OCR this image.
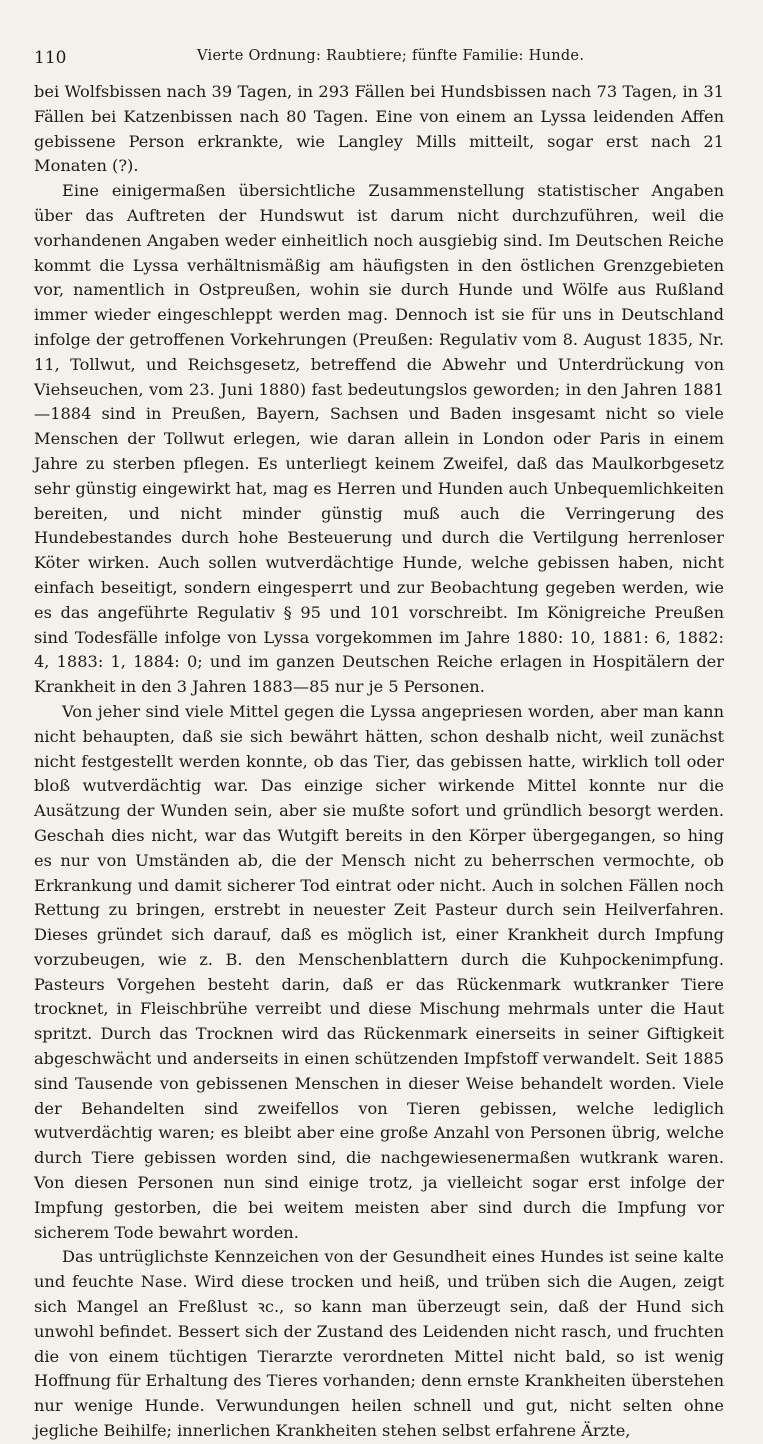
110	Vierte Ordnung: Raubtiere; fünfte Familie: Hunde.

bei Wolfsbissen nach 39 Tagen, in 293 Fällen bei Hundsbissen nach 73 Tagen, in 31 Fällen bei Katzenbissen nach 80 Tagen. Eine von einem an Lyssa leidenden Affen gebissene Person erkrankte, wie Langley Mills mitteilt, sogar erst nach 21 Monaten (?).

Eine einigermaßen übersichtliche Zusammenstellung statistischer Angaben über das Auftreten der Hundswut ist darum nicht durchzuführen, weil die vorhandenen Angaben weder einheitlich noch ausgiebig sind. Im Deutschen Reiche kommt die Lyssa verhältnismäßig am häufigsten in den östlichen Grenzgebieten vor, namentlich in Ostpreußen, wohin sie durch Hunde und Wölfe aus Rußland immer wieder eingeschleppt werden mag. Dennoch ist sie für uns in Deutschland infolge der getroffenen Vorkehrungen (Preußen: Regulativ vom 8. August 1835, Nr. 11, Tollwut, und Reichsgesetz, betreffend die Abwehr und Unterdrückung von Viehseuchen, vom 23. Juni 1880) fast bedeutungslos geworden; in den Jahren 1881—1884 sind in Preußen, Bayern, Sachsen und Baden insgesamt nicht so viele Menschen der Tollwut erlegen, wie daran allein in London oder Paris in einem Jahre zu sterben pflegen. Es unterliegt keinem Zweifel, daß das Maulkorbgesetz sehr günstig eingewirkt hat, mag es Herren und Hunden auch Unbequemlichkeiten bereiten, und nicht minder günstig muß auch die Verringerung des Hundebestandes durch hohe Besteuerung und durch die Vertilgung herrenloser Köter wirken. Auch sollen wutverdächtige Hunde, welche gebissen haben, nicht einfach beseitigt, sondern eingesperrt und zur Beobachtung gegeben werden, wie es das angeführte Regulativ § 95 und 101 vorschreibt. Im Königreiche Preußen sind Todesfälle infolge von Lyssa vorgekommen im Jahre 1880: 10, 1881: 6, 1882: 4, 1883: 1, 1884: 0; und im ganzen Deutschen Reiche erlagen in Hospitälern der Krankheit in den 3 Jahren 1883—85 nur je 5 Personen.

Von jeher sind viele Mittel gegen die Lyssa angepriesen worden, aber man kann nicht behaupten, daß sie sich bewährt hätten, schon deshalb nicht, weil zunächst nicht festgestellt werden konnte, ob das Tier, das gebissen hatte, wirklich toll oder bloß wutverdächtig war. Das einzige sicher wirkende Mittel konnte nur die Ausätzung der Wunden sein, aber sie mußte sofort und gründlich besorgt werden. Geschah dies nicht, war das Wutgift bereits in den Körper übergegangen, so hing es nur von Umständen ab, die der Mensch nicht zu beherrschen vermochte, ob Erkrankung und damit sicherer Tod eintrat oder nicht. Auch in solchen Fällen noch Rettung zu bringen, erstrebt in neuester Zeit Pasteur durch sein Heilverfahren. Dieses gründet sich darauf, daß es möglich ist, einer Krankheit durch Impfung vorzubeugen, wie z. B. den Menschenblattern durch die Kuhpockenimpfung. Pasteurs Vorgehen besteht darin, daß er das Rückenmark wutkranker Tiere trocknet, in Fleischbrühe verreibt und diese Mischung mehrmals unter die Haut spritzt. Durch das Trocknen wird das Rückenmark einerseits in seiner Giftigkeit abgeschwächt und anderseits in einen schützenden Impfstoff verwandelt. Seit 1885 sind Tausende von gebissenen Menschen in dieser Weise behandelt worden. Viele der Behandelten sind zweifellos von Tieren gebissen, welche lediglich wutverdächtig waren; es bleibt aber eine große Anzahl von Personen übrig, welche durch Tiere gebissen worden sind, die nachgewiesenermaßen wutkrank waren. Von diesen Personen nun sind einige trotz, ja vielleicht sogar erst infolge der Impfung gestorben, die bei weitem meisten aber sind durch die Impfung vor sicherem Tode bewahrt worden.

Das untrüglichste Kennzeichen von der Gesundheit eines Hundes ist seine kalte und feuchte Nase. Wird diese trocken und heiß, und trüben sich die Augen, zeigt sich Mangel an Freßlust ꝛc., so kann man überzeugt sein, daß der Hund sich unwohl befindet. Bessert sich der Zustand des Leidenden nicht rasch, und fruchten die von einem tüchtigen Tierarzte verordneten Mittel nicht bald, so ist wenig Hoffnung für Erhaltung des Tieres vorhanden; denn ernste Krankheiten überstehen nur wenige Hunde. Verwundungen heilen schnell und gut, nicht selten ohne jegliche Beihilfe; innerlichen Krankheiten stehen selbst erfahrene Ärzte,
